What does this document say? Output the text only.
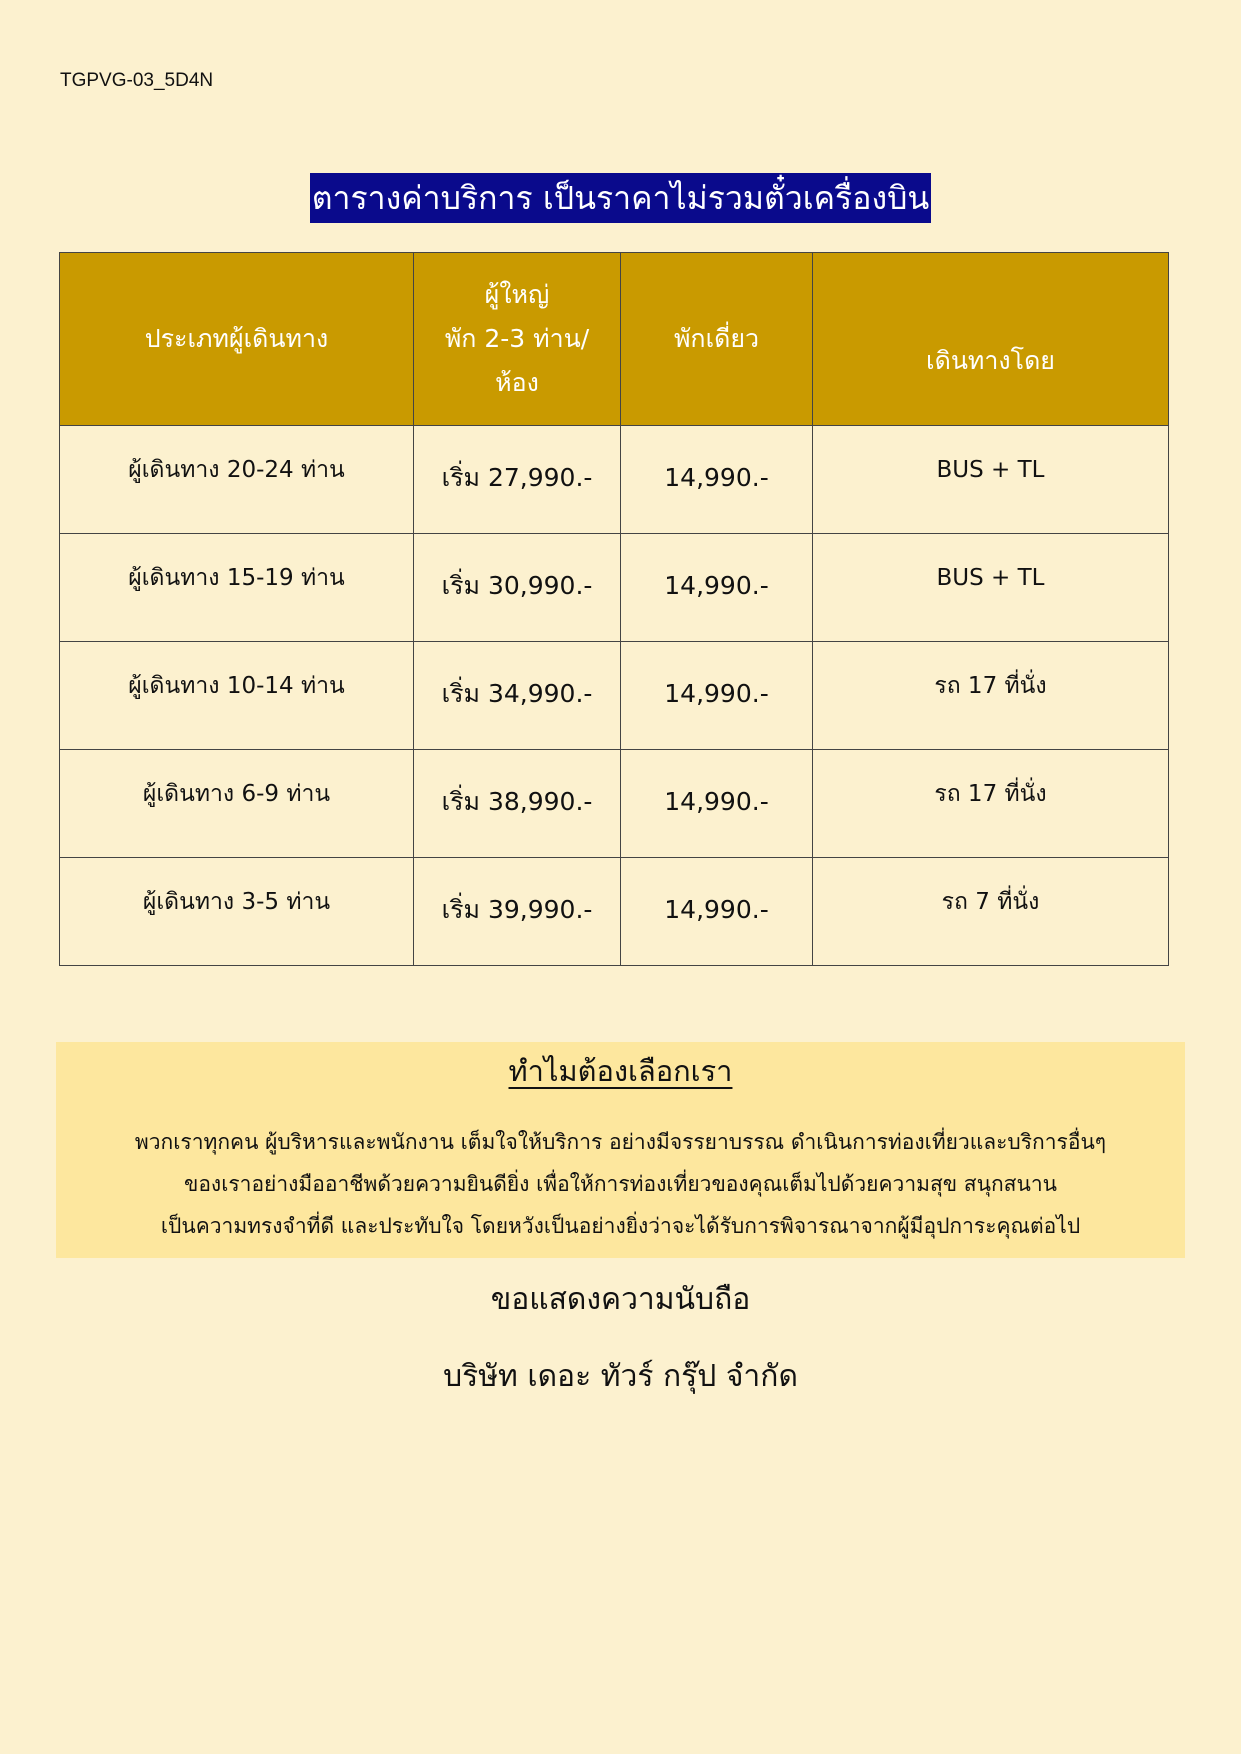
TGPVG-03_5D4N
ตารางค่าบริการ เป็นราคาไม่รวมตั๋วเครื่องบิน
ประเภทผู้เดินทาง	ผู้ใหญ่
พัก 2-3 ท่าน/
ห้อง	พักเดี่ยว	เดินทางโดย
ผู้เดินทาง 20-24 ท่าน	เริ่ม 27,990.-	14,990.-	BUS + TL
ผู้เดินทาง 15-19 ท่าน	เริ่ม 30,990.-	14,990.-	BUS + TL
ผู้เดินทาง 10-14 ท่าน	เริ่ม 34,990.-	14,990.-	รถ 17 ที่นั่ง
ผู้เดินทาง 6-9 ท่าน	เริ่ม 38,990.-	14,990.-	รถ 17 ที่นั่ง
ผู้เดินทาง 3-5 ท่าน	เริ่ม 39,990.-	14,990.-	รถ 7 ที่นั่ง
ทำไมต้องเลือกเรา
พวกเราทุกคน ผู้บริหารและพนักงาน เต็มใจให้บริการ อย่างมีจรรยาบรรณ ดำเนินการท่องเที่ยวและบริการอื่นๆ
ของเราอย่างมืออาชีพด้วยความยินดียิ่ง เพื่อให้การท่องเที่ยวของคุณเต็มไปด้วยความสุข สนุกสนาน
เป็นความทรงจำที่ดี และประทับใจ โดยหวังเป็นอย่างยิ่งว่าจะได้รับการพิจารณาจากผู้มีอุปการะคุณต่อไป
ขอแสดงความนับถือ
บริษัท เดอะ ทัวร์ กรุ๊ป จำกัด
